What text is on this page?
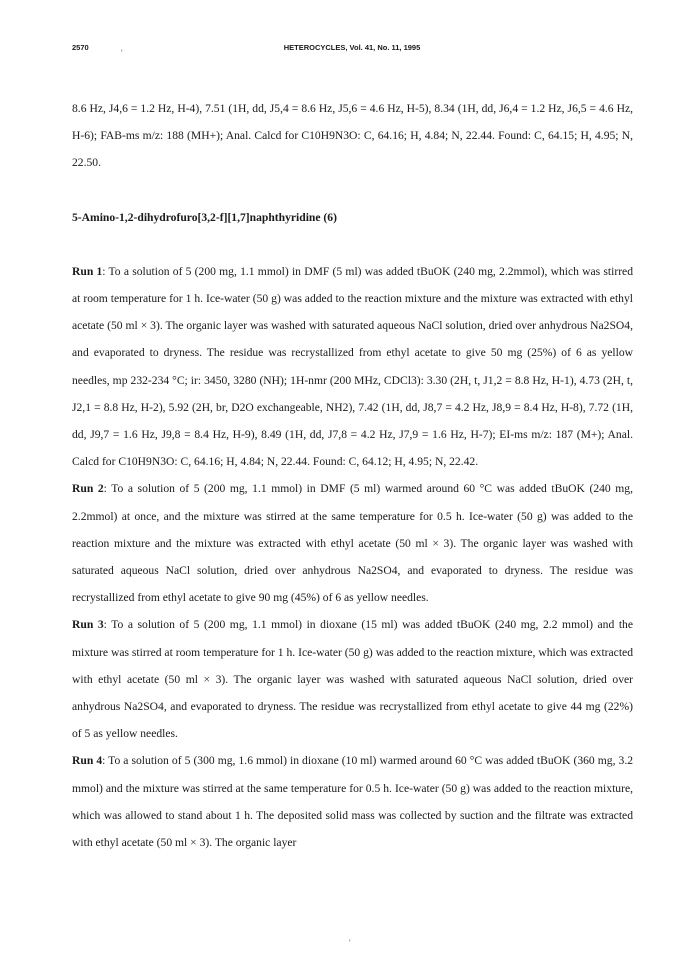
2570	HETEROCYCLES, Vol. 41, No. 11, 1995
'

8.6 Hz, J4,6 = 1.2 Hz, H-4), 7.51 (1H, dd, J5,4 = 8.6 Hz, J5,6 = 4.6 Hz, H-5), 8.34 (1H, dd, J6,4 = 1.2 Hz, J6,5 = 4.6 Hz, H-6); FAB-ms m/z: 188 (MH+); Anal. Calcd for C10H9N3O: C, 64.16; H, 4.84; N, 22.44. Found: C, 64.15; H, 4.95; N, 22.50.

5-Amino-1,2-dihydrofuro[3,2-f][1,7]naphthyridine (6)

Run 1: To a solution of 5 (200 mg, 1.1 mmol) in DMF (5 ml) was added tBuOK (240 mg, 2.2mmol), which was stirred at room temperature for 1 h. Ice-water (50 g) was added to the reaction mixture and the mixture was extracted with ethyl acetate (50 ml × 3). The organic layer was washed with saturated aqueous NaCl solution, dried over anhydrous Na2SO4, and evaporated to dryness. The residue was recrystallized from ethyl acetate to give 50 mg (25%) of 6 as yellow needles, mp 232-234 °C; ir: 3450, 3280 (NH); 1H-nmr (200 MHz, CDCl3): 3.30 (2H, t, J1,2 = 8.8 Hz, H-1), 4.73 (2H, t, J2,1 = 8.8 Hz, H-2), 5.92 (2H, br, D2O exchangeable, NH2), 7.42 (1H, dd, J8,7 = 4.2 Hz, J8,9 = 8.4 Hz, H-8), 7.72 (1H, dd, J9,7 = 1.6 Hz, J9,8 = 8.4 Hz, H-9), 8.49 (1H, dd, J7,8 = 4.2 Hz, J7,9 = 1.6 Hz, H-7); EI-ms m/z: 187 (M+); Anal. Calcd for C10H9N3O: C, 64.16; H, 4.84; N, 22.44. Found: C, 64.12; H, 4.95; N, 22.42.

Run 2: To a solution of 5 (200 mg, 1.1 mmol) in DMF (5 ml) warmed around 60 °C was added tBuOK (240 mg, 2.2mmol) at once, and the mixture was stirred at the same temperature for 0.5 h. Ice-water (50 g) was added to the reaction mixture and the mixture was extracted with ethyl acetate (50 ml × 3). The organic layer was washed with saturated aqueous NaCl solution, dried over anhydrous Na2SO4, and evaporated to dryness. The residue was recrystallized from ethyl acetate to give 90 mg (45%) of 6 as yellow needles.

Run 3: To a solution of 5 (200 mg, 1.1 mmol) in dioxane (15 ml) was added tBuOK (240 mg, 2.2 mmol) and the mixture was stirred at room temperature for 1 h. Ice-water (50 g) was added to the reaction mixture, which was extracted with ethyl acetate (50 ml × 3). The organic layer was washed with saturated aqueous NaCl solution, dried over anhydrous Na2SO4, and evaporated to dryness. The residue was recrystallized from ethyl acetate to give 44 mg (22%) of 5 as yellow needles.

Run 4: To a solution of 5 (300 mg, 1.6 mmol) in dioxane (10 ml) warmed around 60 °C was added tBuOK (360 mg, 3.2 mmol) and the mixture was stirred at the same temperature for 0.5 h. Ice-water (50 g) was added to the reaction mixture, which was allowed to stand about 1 h. The deposited solid mass was collected by suction and the filtrate was extracted with ethyl acetate (50 ml × 3). The organic layer

'
